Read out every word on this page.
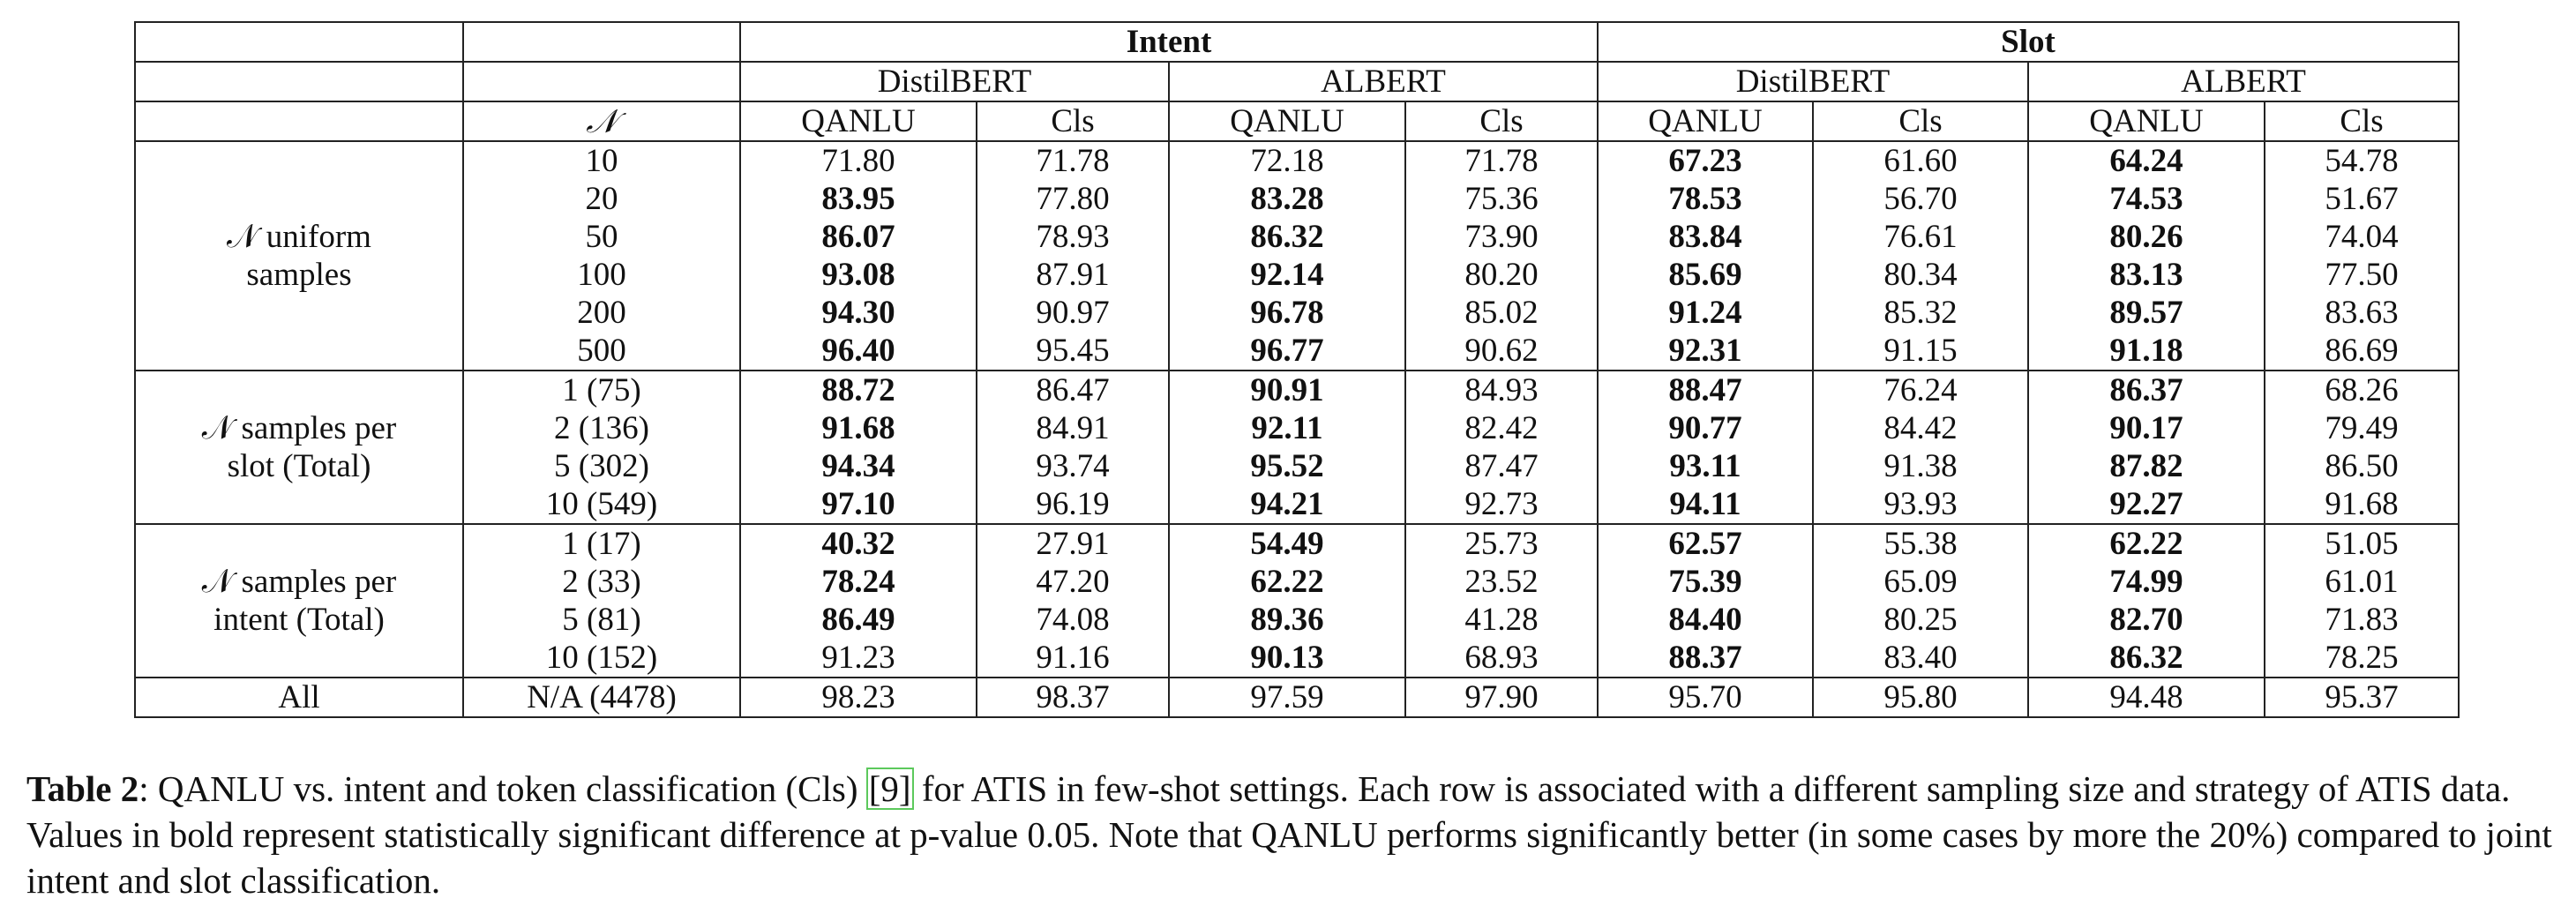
		Intent				Slot			
		DistilBERT		ALBERT		DistilBERT		ALBERT	
	𝒩	QANLU	Cls	QANLU	Cls	QANLU	Cls	QANLU	Cls

𝒩 uniform
samples	10	71.80	71.78	72.18	71.78	67.23	61.60	64.24	54.78
	20	83.95	77.80	83.28	75.36	78.53	56.70	74.53	51.67
	50	86.07	78.93	86.32	73.90	83.84	76.61	80.26	74.04
	100	93.08	87.91	92.14	80.20	85.69	80.34	83.13	77.50
	200	94.30	90.97	96.78	85.02	91.24	85.32	89.57	83.63
	500	96.40	95.45	96.77	90.62	92.31	91.15	91.18	86.69

𝒩 samples per
slot (Total)	1 (75)	88.72	86.47	90.91	84.93	88.47	76.24	86.37	68.26
	2 (136)	91.68	84.91	92.11	82.42	90.77	84.42	90.17	79.49
	5 (302)	94.34	93.74	95.52	87.47	93.11	91.38	87.82	86.50
	10 (549)	97.10	96.19	94.21	92.73	94.11	93.93	92.27	91.68

𝒩 samples per
intent (Total)	1 (17)	40.32	27.91	54.49	25.73	62.57	55.38	62.22	51.05
	2 (33)	78.24	47.20	62.22	23.52	75.39	65.09	74.99	61.01
	5 (81)	86.49	74.08	89.36	41.28	84.40	80.25	82.70	71.83
	10 (152)	91.23	91.16	90.13	68.93	88.37	83.40	86.32	78.25
All	N/A (4478)	98.23	98.37	97.59	97.90	95.70	95.80	94.48	95.37
Table 2: QANLU vs. intent and token classification (Cls) [9] for ATIS in few-shot settings. Each row is associated with a different sampling size and strategy of ATIS data. Values in bold represent statistically significant difference at p-value 0.05. Note that QANLU performs significantly better (in some cases by more the 20%) compared to joint intent and slot classification.
